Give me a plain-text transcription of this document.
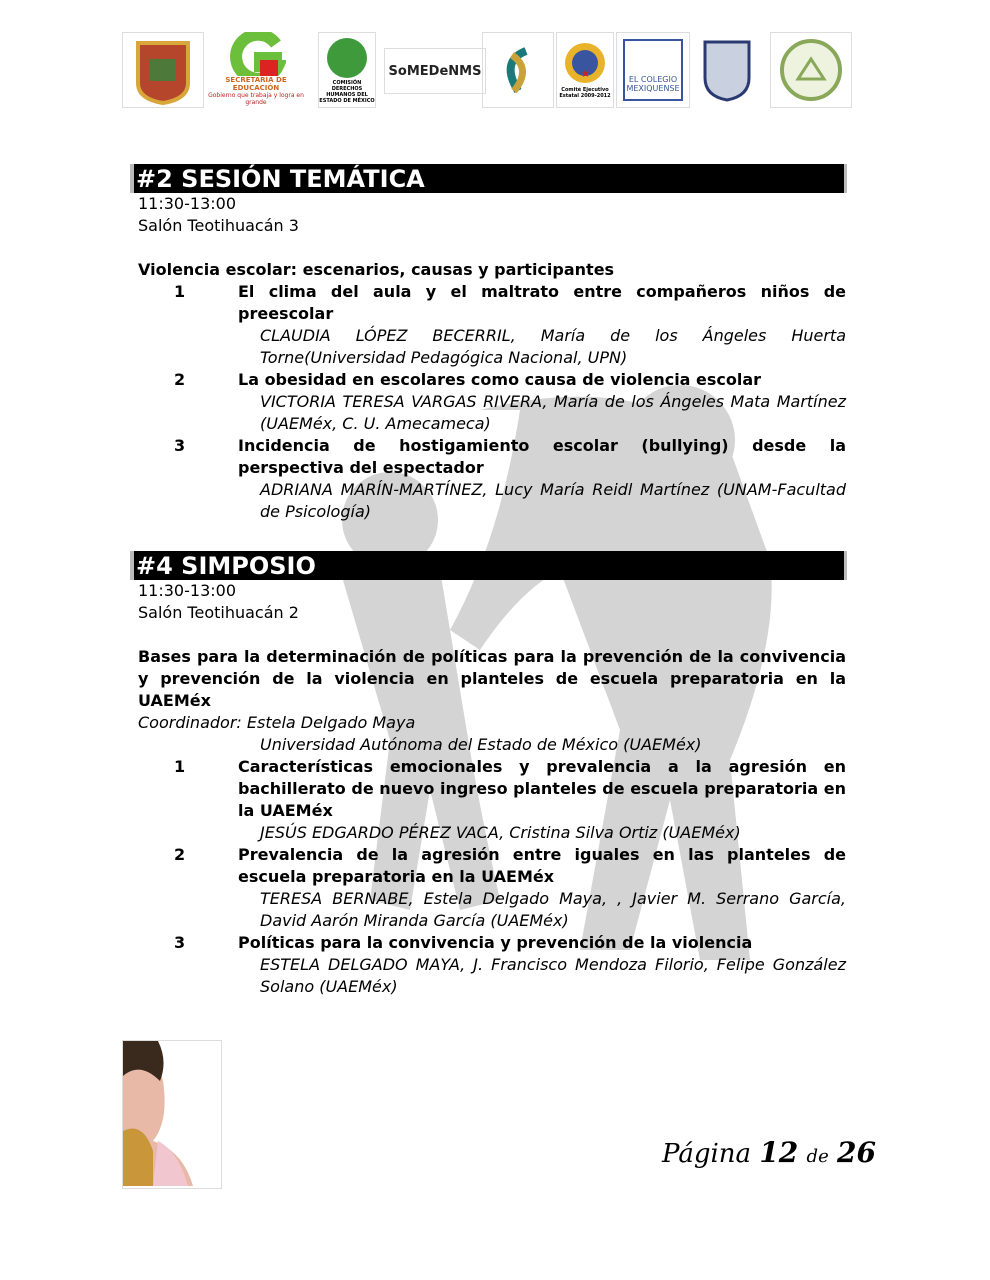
SECRETARÍA DE EDUCACIÓN
Gobierno que trabaja y logra en grande
COMISIÓN DERECHOS HUMANOS DEL ESTADO DE MÉXICO
SoMEDeNMS
Comité Ejecutivo Estatal 2009-2012
EL COLEGIO MEXIQUENSE
#2 SESIÓN TEMÁTICA
11:30-13:00
Salón Teotihuacán 3
Violencia escolar: escenarios, causas y participantes
1	El clima del aula y el maltrato entre compañeros niños de preescolar
CLAUDIA LÓPEZ BECERRIL, María de los Ángeles Huerta Torne(Universidad Pedagógica Nacional, UPN)
2	La obesidad en escolares como causa de violencia escolar
VICTORIA TERESA VARGAS RIVERA, María de los Ángeles Mata Martínez (UAEMéx, C. U. Amecameca)
3	Incidencia de hostigamiento escolar (bullying) desde la perspectiva del espectador
ADRIANA MARÍN-MARTÍNEZ, Lucy María Reidl Martínez (UNAM-Facultad de Psicología)
#4 SIMPOSIO
11:30-13:00
Salón Teotihuacán 2
Bases para la determinación de políticas para la prevención de la convivencia y prevención de la violencia en planteles de escuela preparatoria en la UAEMéx
Coordinador: Estela Delgado Maya
Universidad Autónoma del Estado de México (UAEMéx)
1	Características emocionales y prevalencia a la agresión en bachillerato de nuevo ingreso planteles de escuela preparatoria en la UAEMéx
JESÚS EDGARDO PÉREZ VACA, Cristina Silva Ortiz (UAEMéx)
2	Prevalencia de la agresión entre iguales en las planteles de escuela preparatoria en la UAEMéx
TERESA BERNABE, Estela Delgado Maya, , Javier M. Serrano García, David Aarón Miranda García (UAEMéx)
3	Políticas para la convivencia y prevención de la violencia
ESTELA DELGADO MAYA, J. Francisco Mendoza Filorio, Felipe González Solano (UAEMéx)
Página 12 de 26
